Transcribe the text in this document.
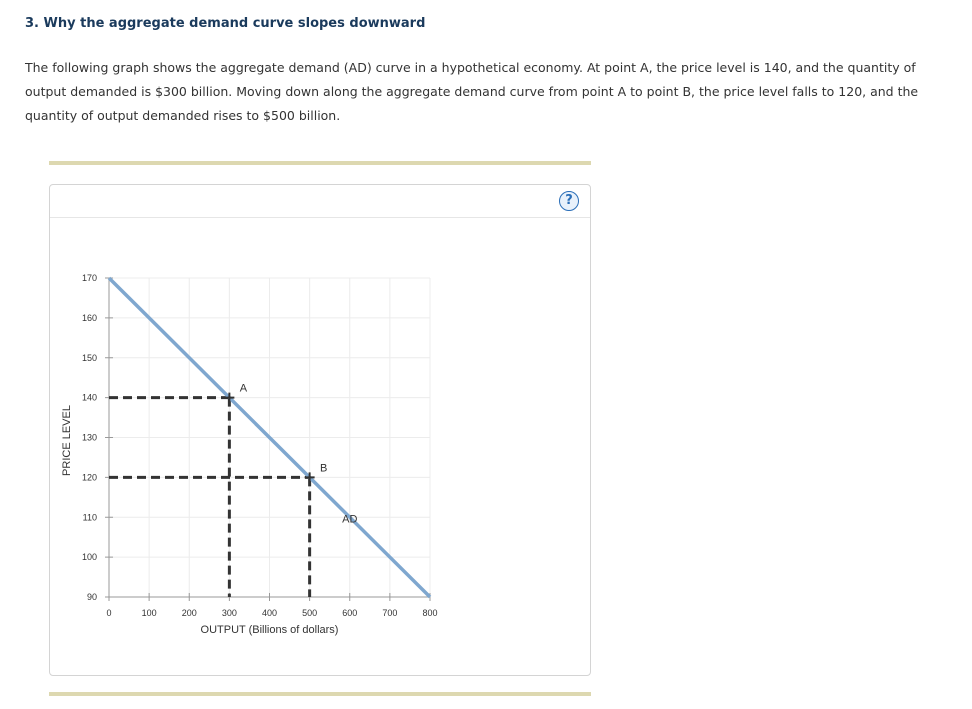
3. Why the aggregate demand curve slopes downward
The following graph shows the aggregate demand (AD) curve in a hypothetical economy. At point A, the price level is 140, and the quantity of output demanded is $300 billion. Moving down along the aggregate demand curve from point A to point B, the price level falls to 120, and the quantity of output demanded rises to $500 billion.
?
90
100
110
120
130
140
150
160
170
0	100	200	300	400	500	600	700	800
OUTPUT (Billions of dollars)
PRICE LEVEL
A
B
AD
